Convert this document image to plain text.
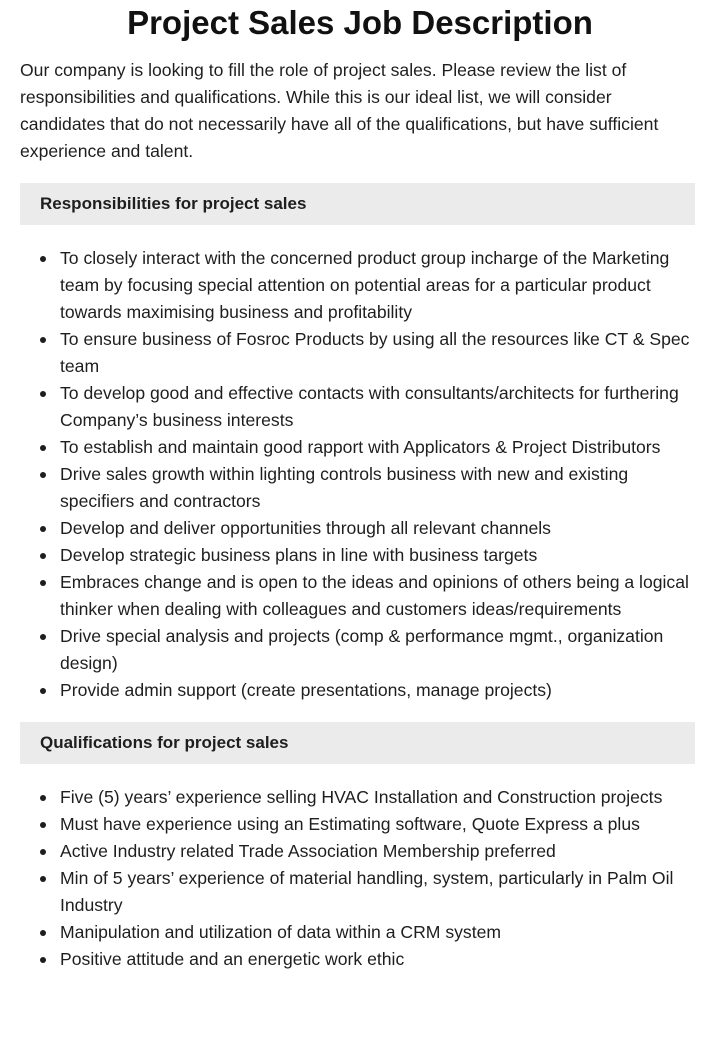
Project Sales Job Description

Our company is looking to fill the role of project sales. Please review the list of responsibilities and qualifications. While this is our ideal list, we will consider candidates that do not necessarily have all of the qualifications, but have sufficient experience and talent.

Responsibilities for project sales
To closely interact with the concerned product group incharge of the Marketing team by focusing special attention on potential areas for a particular product towards maximising business and profitability
To ensure business of Fosroc Products by using all the resources like CT & Spec team
To develop good and effective contacts with consultants/architects for furthering Company’s business interests
To establish and maintain good rapport with Applicators & Project Distributors
Drive sales growth within lighting controls business with new and existing specifiers and contractors
Develop and deliver opportunities through all relevant channels
Develop strategic business plans in line with business targets
Embraces change and is open to the ideas and opinions of others being a logical thinker when dealing with colleagues and customers ideas/requirements
Drive special analysis and projects (comp & performance mgmt., organization design)
Provide admin support (create presentations, manage projects)
Qualifications for project sales
Five (5) years’ experience selling HVAC Installation and Construction projects
Must have experience using an Estimating software, Quote Express a plus
Active Industry related Trade Association Membership preferred
Min of 5 years’ experience of material handling, system, particularly in Palm Oil Industry
Manipulation and utilization of data within a CRM system
Positive attitude and an energetic work ethic
